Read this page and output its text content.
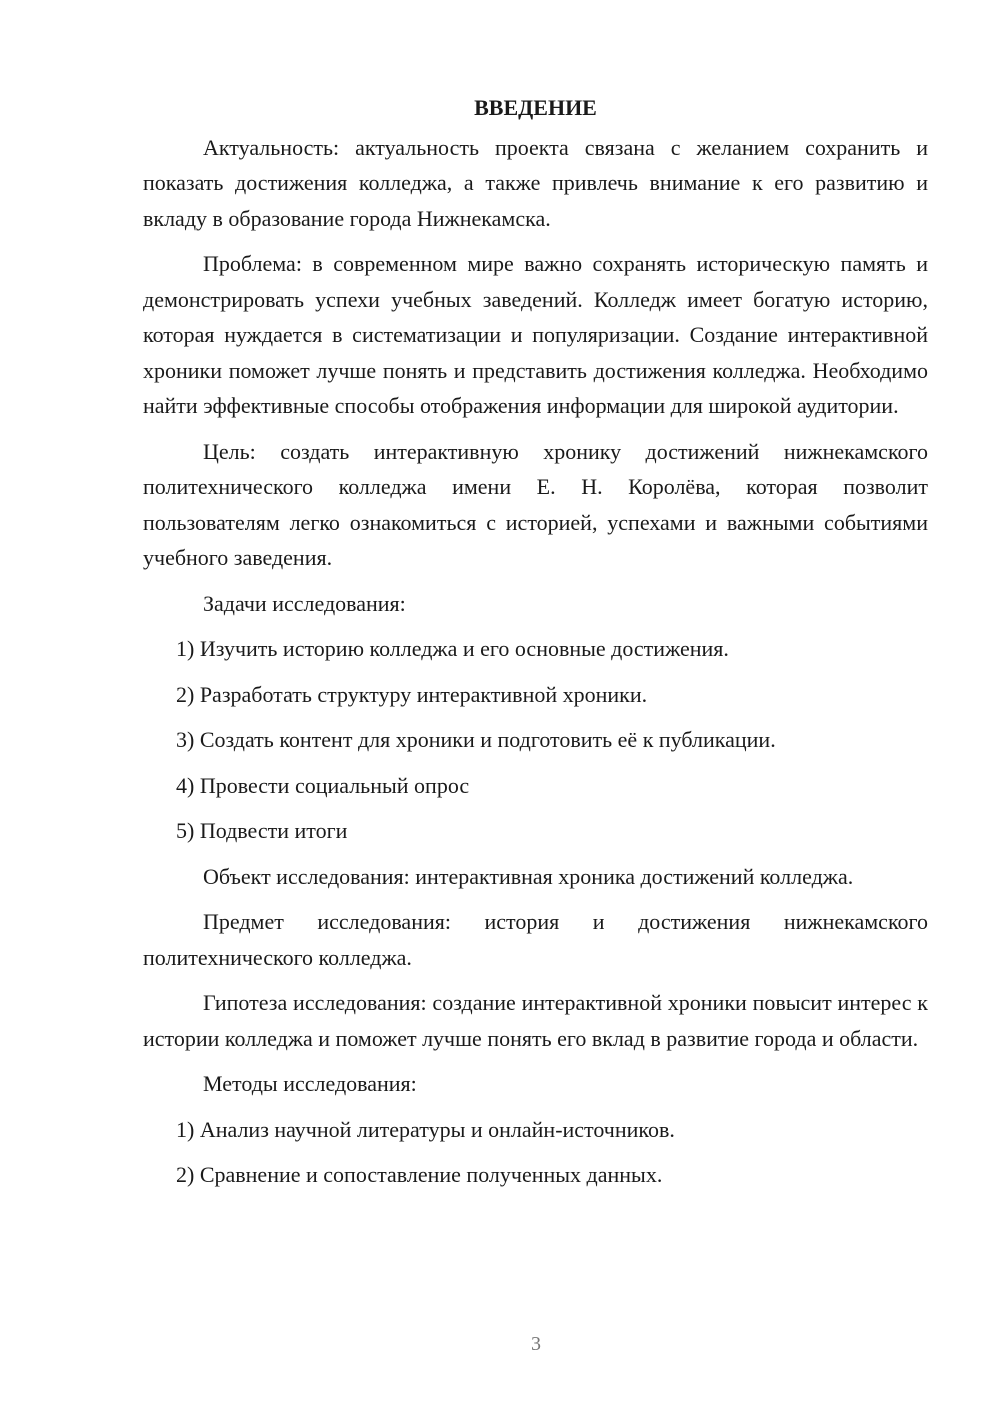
ВВЕДЕНИЕ

Актуальность: актуальность проекта связана с желанием сохранить и показать достижения колледжа, а также привлечь внимание к его развитию и вкладу в образование города Нижнекамска.

Проблема: в современном мире важно сохранять историческую память и демонстрировать успехи учебных заведений. Колледж имеет богатую историю, которая нуждается в систематизации и популяризации. Создание интерактивной хроники поможет лучше понять и представить достижения колледжа. Необходимо найти эффективные способы отображения информации для широкой аудитории.

Цель: создать интерактивную хронику достижений нижнекамского политехнического колледжа имени Е. Н. Королёва, которая позволит пользователям легко ознакомиться с историей, успехами и важными событиями учебного заведения.

Задачи исследования:

1) Изучить историю колледжа и его основные достижения.
2) Разработать структуру интерактивной хроники.
3) Создать контент для хроники и подготовить её к публикации.
4) Провести социальный опрос
5) Подвести итоги

Объект исследования: интерактивная хроника достижений колледжа.

Предмет исследования: история и достижения нижнекамского политехнического колледжа.

Гипотеза исследования: создание интерактивной хроники повысит интерес к истории колледжа и поможет лучше понять его вклад в развитие города и области.

Методы исследования:

1) Анализ научной литературы и онлайн-источников.
2) Сравнение и сопоставление полученных данных.
3
